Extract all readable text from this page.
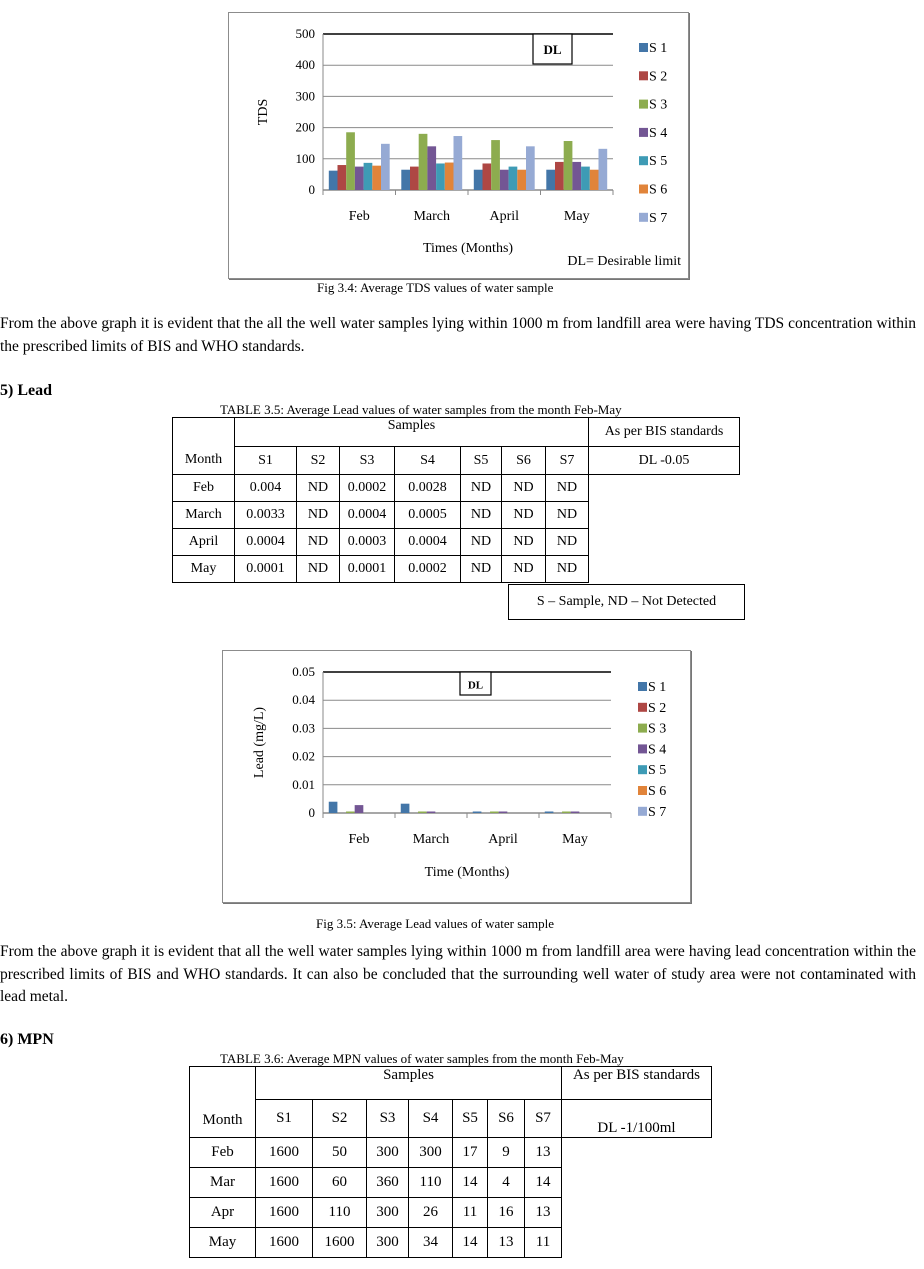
0
100
200
300
400
500
Feb	March	April	May
DL
Times (Months)
TDS
S 1
S 2
S 3
S 4
S 5
S 6
S 7
DL= Desirable limit
Fig 3.4: Average TDS values of water sample
From the above graph it is evident that the all the well water samples lying within 1000 m from landfill area were having TDS concentration within the prescribed limits of BIS and WHO standards.
5) Lead
TABLE 3.5: Average Lead values of water samples from the month Feb-May
Month	Samples							As per BIS standards
	S1	S2	S3	S4	S5	S6	S7	DL -0.05
Feb	0.004	ND	0.0002	0.0028	ND	ND	ND	
March	0.0033	ND	0.0004	0.0005	ND	ND	ND	
April	0.0004	ND	0.0003	0.0004	ND	ND	ND	
May	0.0001	ND	0.0001	0.0002	ND	ND	ND	
S – Sample, ND – Not Detected
0
0.01
0.02
0.03
0.04
0.05
Feb	March	April	May
DL
Time (Months)
Lead (mg/L)
S 1
S 2
S 3
S 4
S 5
S 6
S 7
Fig 3.5: Average Lead values of water sample
From the above graph it is evident that all the well water samples lying within 1000 m from landfill area were having lead concentration within the prescribed limits of BIS and WHO standards. It can also be concluded that the surrounding well water of study area were not contaminated with lead metal.
6) MPN
TABLE 3.6: Average MPN values of water samples from the month Feb-May
Month	Samples							As per BIS standards
	S1	S2	S3	S4	S5	S6	S7	DL -1/100ml
Feb	1600	50	300	300	17	9	13	
Mar	1600	60	360	110	14	4	14	
Apr	1600	110	300	26	11	16	13	
May	1600	1600	300	34	14	13	11	
